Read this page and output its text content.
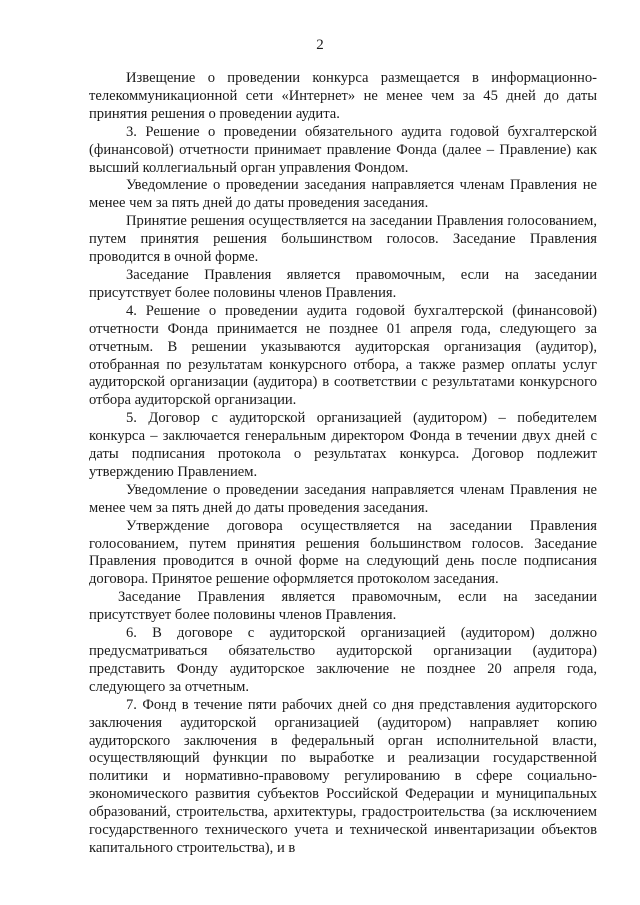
2

Извещение о проведении конкурса размещается в информационно-телекоммуникационной сети «Интернет» не менее чем за 45 дней до даты принятия решения о проведении аудита.

3. Решение о проведении обязательного аудита годовой бухгалтерской (финансовой) отчетности принимает правление Фонда (далее – Правление) как высший коллегиальный орган управления Фондом.

Уведомление о проведении заседания направляется членам Правления не менее чем за пять дней до даты проведения заседания.

Принятие решения осуществляется на заседании Правления голосованием, путем принятия решения большинством голосов. Заседание Правления проводится в очной форме.

Заседание Правления является правомочным, если на заседании присутствует более половины членов Правления.

4. Решение о проведении аудита годовой бухгалтерской (финансовой) отчетности Фонда принимается не позднее 01 апреля года, следующего за отчетным. В решении указываются аудиторская организация (аудитор), отобранная по результатам конкурсного отбора, а также размер оплаты услуг аудиторской организации (аудитора) в соответствии с результатами конкурсного отбора аудиторской организации.

5. Договор с аудиторской организацией (аудитором) – победителем конкурса – заключается генеральным директором Фонда в течении двух дней с даты подписания протокола о результатах конкурса. Договор подлежит утверждению Правлением.

Уведомление о проведении заседания направляется членам Правления не менее чем за пять дней до даты проведения заседания.

Утверждение договора осуществляется на заседании Правления голосованием, путем принятия решения большинством голосов. Заседание Правления проводится в очной форме на следующий день после подписания договора. Принятое решение оформляется протоколом заседания.

Заседание Правления является правомочным, если на заседании присутствует более половины членов Правления.

6. В договоре с аудиторской организацией (аудитором) должно предусматриваться обязательство аудиторской организации (аудитора) представить Фонду аудиторское заключение не позднее 20 апреля года, следующего за отчетным.

7. Фонд в течение пяти рабочих дней со дня представления аудиторского заключения аудиторской организацией (аудитором) направляет копию аудиторского заключения в федеральный орган исполнительной власти, осуществляющий функции по выработке и реализации государственной политики и нормативно-правовому регулированию в сфере социально-экономического развития субъектов Российской Федерации и муниципальных образований, строительства, архитектуры, градостроительства (за исключением государственного технического учета и технической инвентаризации объектов капитального строительства), и в
